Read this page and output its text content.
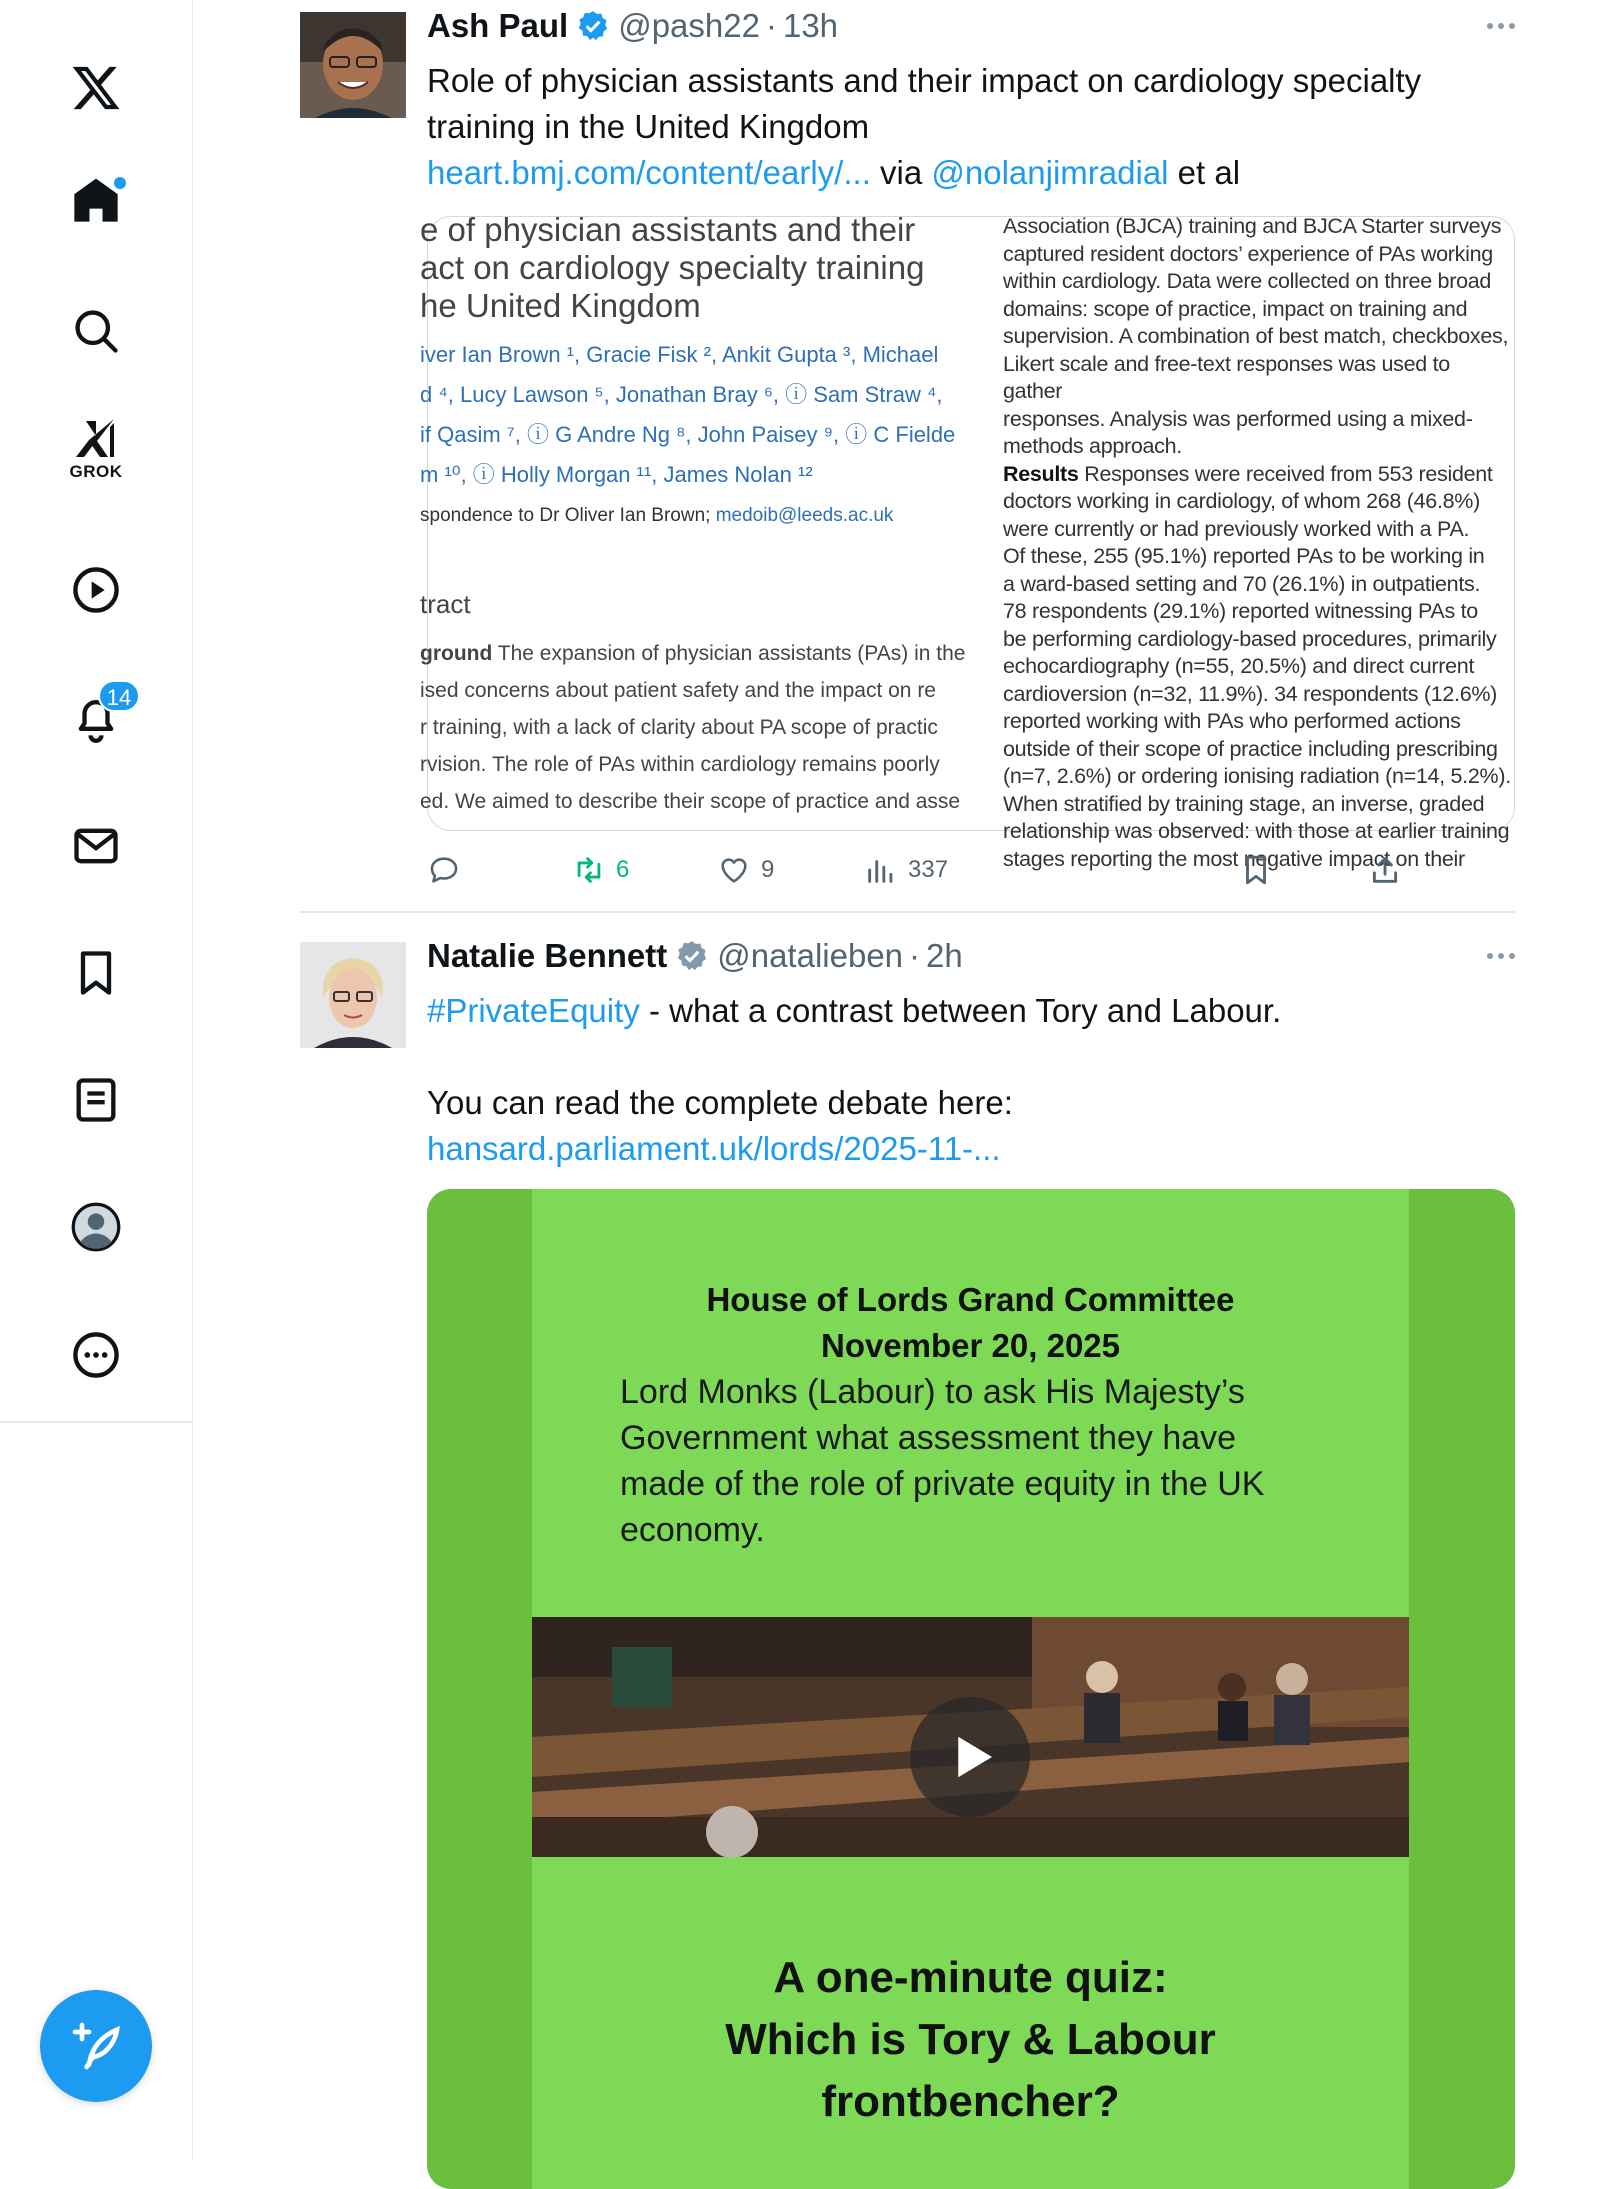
GROK
14
Ash Paul @pash22 · 13h
Role of physician assistants and their impact on cardiology specialty training in the United Kingdom
heart.bmj.com/content/early/... via @nolanjimradial et al
e of physician assistants and their
act on cardiology specialty training
he United Kingdom
iver Ian Brown ¹, Gracie Fisk ², Ankit Gupta ³, Michael
d ⁴, Lucy Lawson ⁵, Jonathan Bray ⁶, ⓘ Sam Straw ⁴,
if Qasim ⁷, ⓘ G Andre Ng ⁸, John Paisey ⁹, ⓘ C Fielde
m ¹⁰, ⓘ Holly Morgan ¹¹, James Nolan ¹²
spondence to Dr Oliver Ian Brown; medoib@leeds.ac.uk
tract
ground The expansion of physician assistants (PAs) in the
ised concerns about patient safety and the impact on re
r training, with a lack of clarity about PA scope of practic
rvision. The role of PAs within cardiology remains poorly
ed. We aimed to describe their scope of practice and asse
Association (BJCA) training and BJCA Starter surveys
captured resident doctors’ experience of PAs working
within cardiology. Data were collected on three broad
domains: scope of practice, impact on training and
supervision. A combination of best match, checkboxes,
Likert scale and free-text responses was used to gather
responses. Analysis was performed using a mixed-
methods approach.
Results Responses were received from 553 resident
doctors working in cardiology, of whom 268 (46.8%)
were currently or had previously worked with a PA.
Of these, 255 (95.1%) reported PAs to be working in
a ward-based setting and 70 (26.1%) in outpatients.
78 respondents (29.1%) reported witnessing PAs to
be performing cardiology-based procedures, primarily
echocardiography (n=55, 20.5%) and direct current
cardioversion (n=32, 11.9%). 34 respondents (12.6%)
reported working with PAs who performed actions
outside of their scope of practice including prescribing
(n=7, 2.6%) or ordering ionising radiation (n=14, 5.2%).
When stratified by training stage, an inverse, graded
relationship was observed: with those at earlier training
stages reporting the most negative impact on their
6	9	337
Natalie Bennett @natalieben · 2h
#PrivateEquity - what a contrast between Tory and Labour.

You can read the complete debate here: hansard.parliament.uk/lords/2025-11-...
House of Lords Grand Committee
November 20, 2025
Lord Monks (Labour) to ask His Majesty’s Government what assessment they have made of the role of private equity in the UK economy.
A one-minute quiz:
Which is Tory & Labour
frontbencher?
